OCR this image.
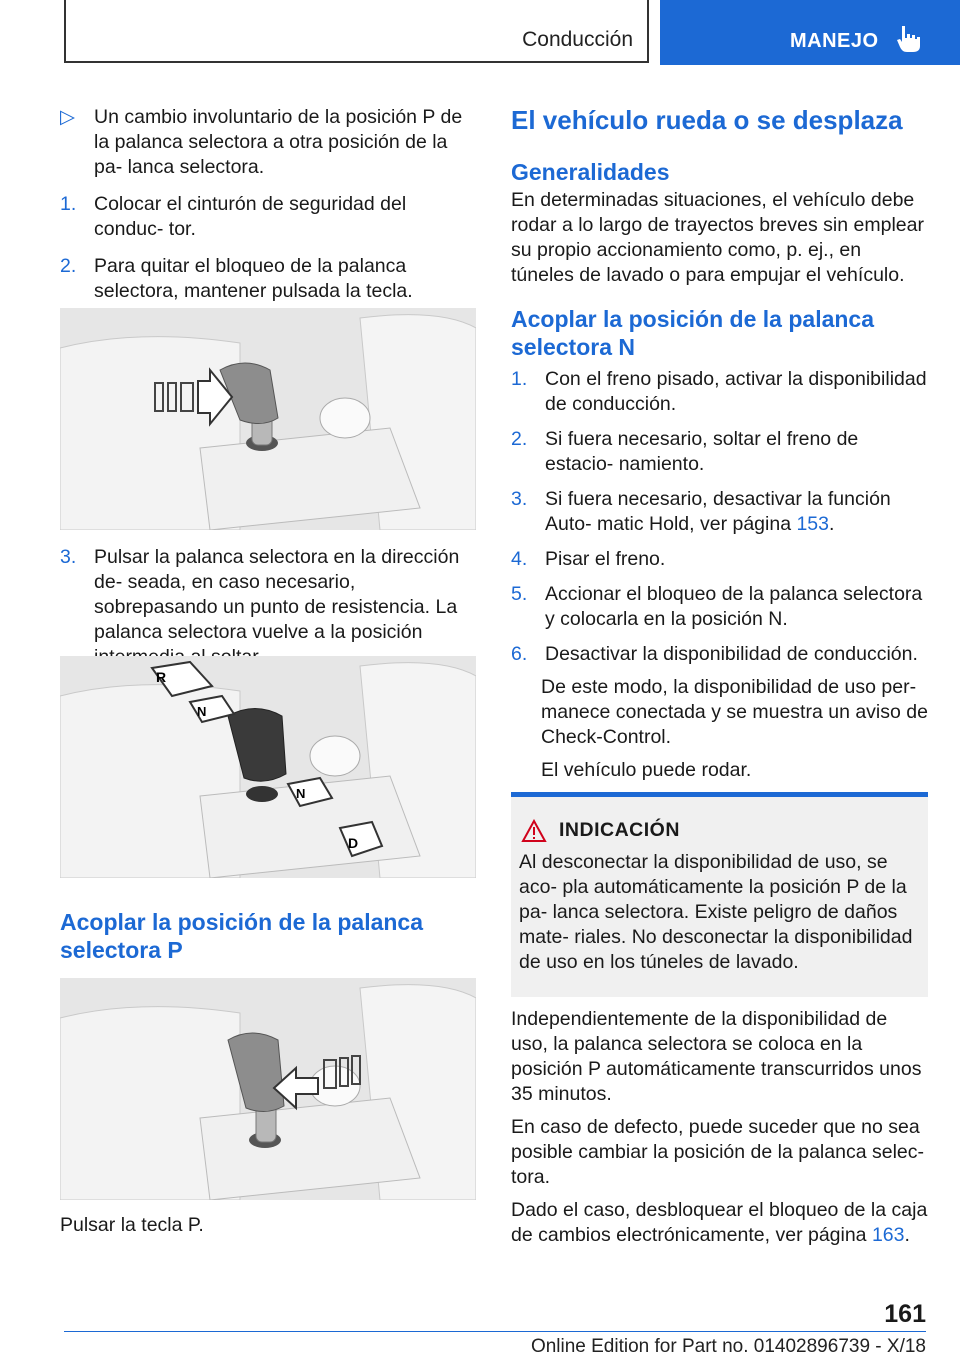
Conducción	MANEJO
▷ Un cambio involuntario de la posición P de la palanca selectora a otra posición de la pa‐ lanca selectora.
1. Colocar el cinturón de seguridad del conduc‐ tor.
2. Para quitar el bloqueo de la palanca selectora, mantener pulsada la tecla.
3. Pulsar la palanca selectora en la dirección de‐ seada, en caso necesario, sobrepasando un punto de resistencia. La palanca selectora vuelve a la posición
R
N
N
D
Acoplar la posición de la palanca selectora P

Pulsar la tecla P.

El vehículo rueda o se desplaza
Generalidades

En determinadas situaciones, el vehículo debe rodar a lo largo de trayectos breves sin emplear su propio accionamiento como, p. ej., en túneles de lavado o para empujar el vehículo.

Acoplar la posición de la palanca selectora N
1. Con el freno pisado, activar la disponibilidad de conducción.
2. Si fuera necesario, soltar el freno de estacio‐ namiento.
3. Si fuera necesario, desactivar la función Auto‐ matic Hold, ver página 153.
4. Pisar el freno.
5. Accionar el bloqueo de la palanca selectora y colocarla en la posición N.
6. Desactivar la disponibilidad de conducción.

De este modo, la disponibilidad de uso per‐ manece conectada y se muestra un aviso de Check-Control.

El vehículo puede rodar.

INDICACIÓN

Al desconectar la disponibilidad de uso, se aco‐ pla automáticamente la posición P de la pa‐ lanca selectora. Existe peligro de daños mate‐ riales. No desconectar la disponibilidad de uso en los túneles de lavado.

Independientemente de la disponibilidad de uso, la palanca selectora se coloca en la posición P automáticamente transcurridos unos 35 minutos.

En caso de defecto, puede suceder que no sea posible cambiar la posición de la palanca selec‐ tora.

Dado el caso, desbloquear el bloqueo de la caja de cambios electrónicamente, ver página 163.

161
Online Edition for Part no. 01402896739 - X/18
